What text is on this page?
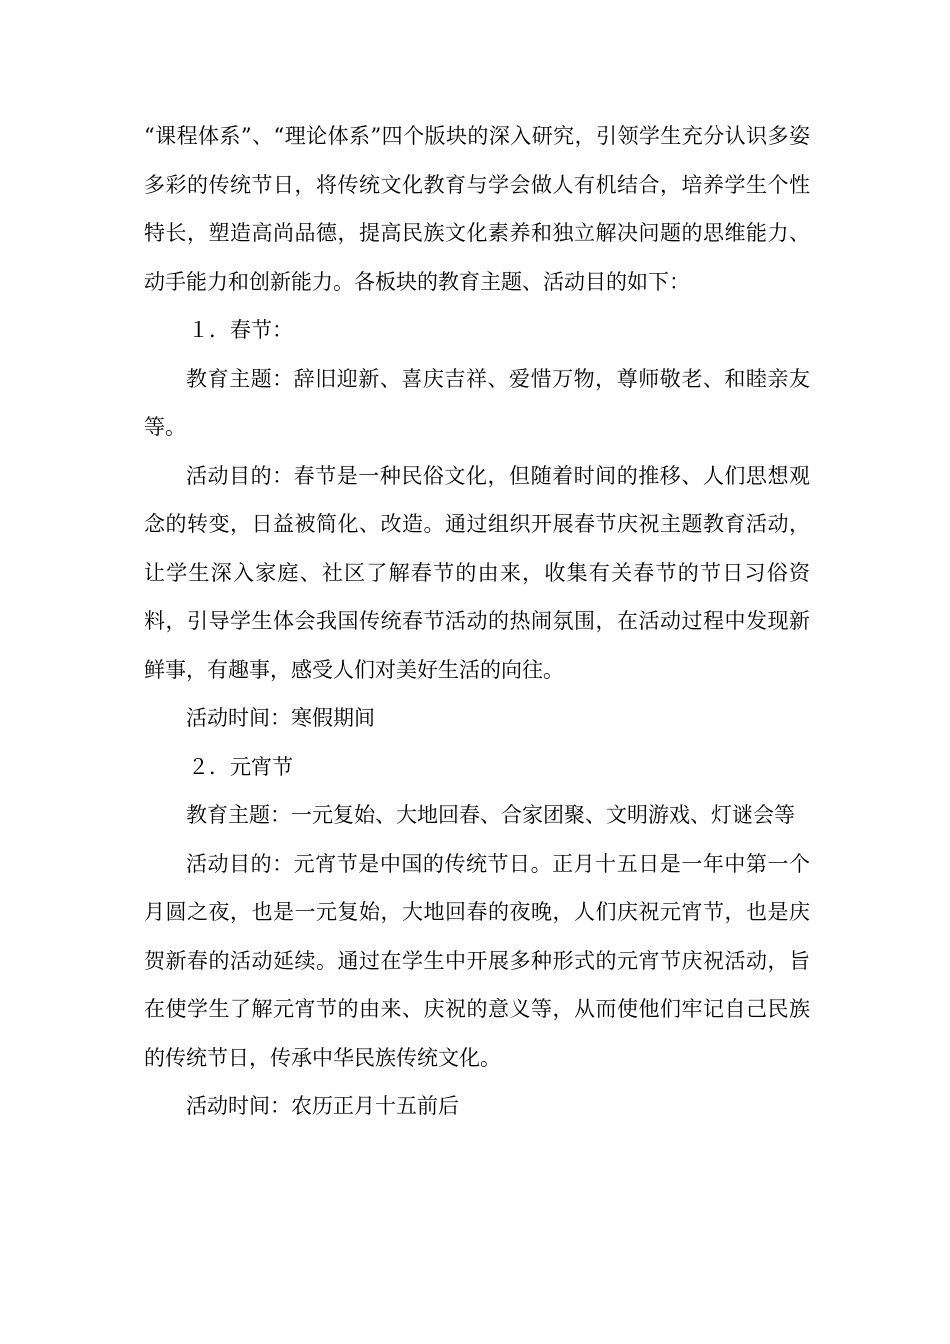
“课程体系”、“理论体系”四个版块的深入研究，引领学生充分认识多姿多彩的传统节日，将传统文化教育与学会做人有机结合，培养学生个性特长，塑造高尚品德，提高民族文化素养和独立解决问题的思维能力、动手能力和创新能力。各板块的教育主题、活动目的如下：

１．春节：

教育主题：辞旧迎新、喜庆吉祥、爱惜万物，尊师敬老、和睦亲友等。

活动目的：春节是一种民俗文化，但随着时间的推移、人们思想观念的转变，日益被简化、改造。通过组织开展春节庆祝主题教育活动，让学生深入家庭、社区了解春节的由来，收集有关春节的节日习俗资料，引导学生体会我国传统春节活动的热闹氛围，在活动过程中发现新鲜事，有趣事，感受人们对美好生活的向往。

活动时间：寒假期间

２．元宵节

教育主题：一元复始、大地回春、合家团聚、文明游戏、灯谜会等

活动目的：元宵节是中国的传统节日。正月十五日是一年中第一个月圆之夜，也是一元复始，大地回春的夜晚，人们庆祝元宵节，也是庆贺新春的活动延续。通过在学生中开展多种形式的元宵节庆祝活动，旨在使学生了解元宵节的由来、庆祝的意义等，从而使他们牢记自己民族的传统节日，传承中华民族传统文化。

活动时间：农历正月十五前后
